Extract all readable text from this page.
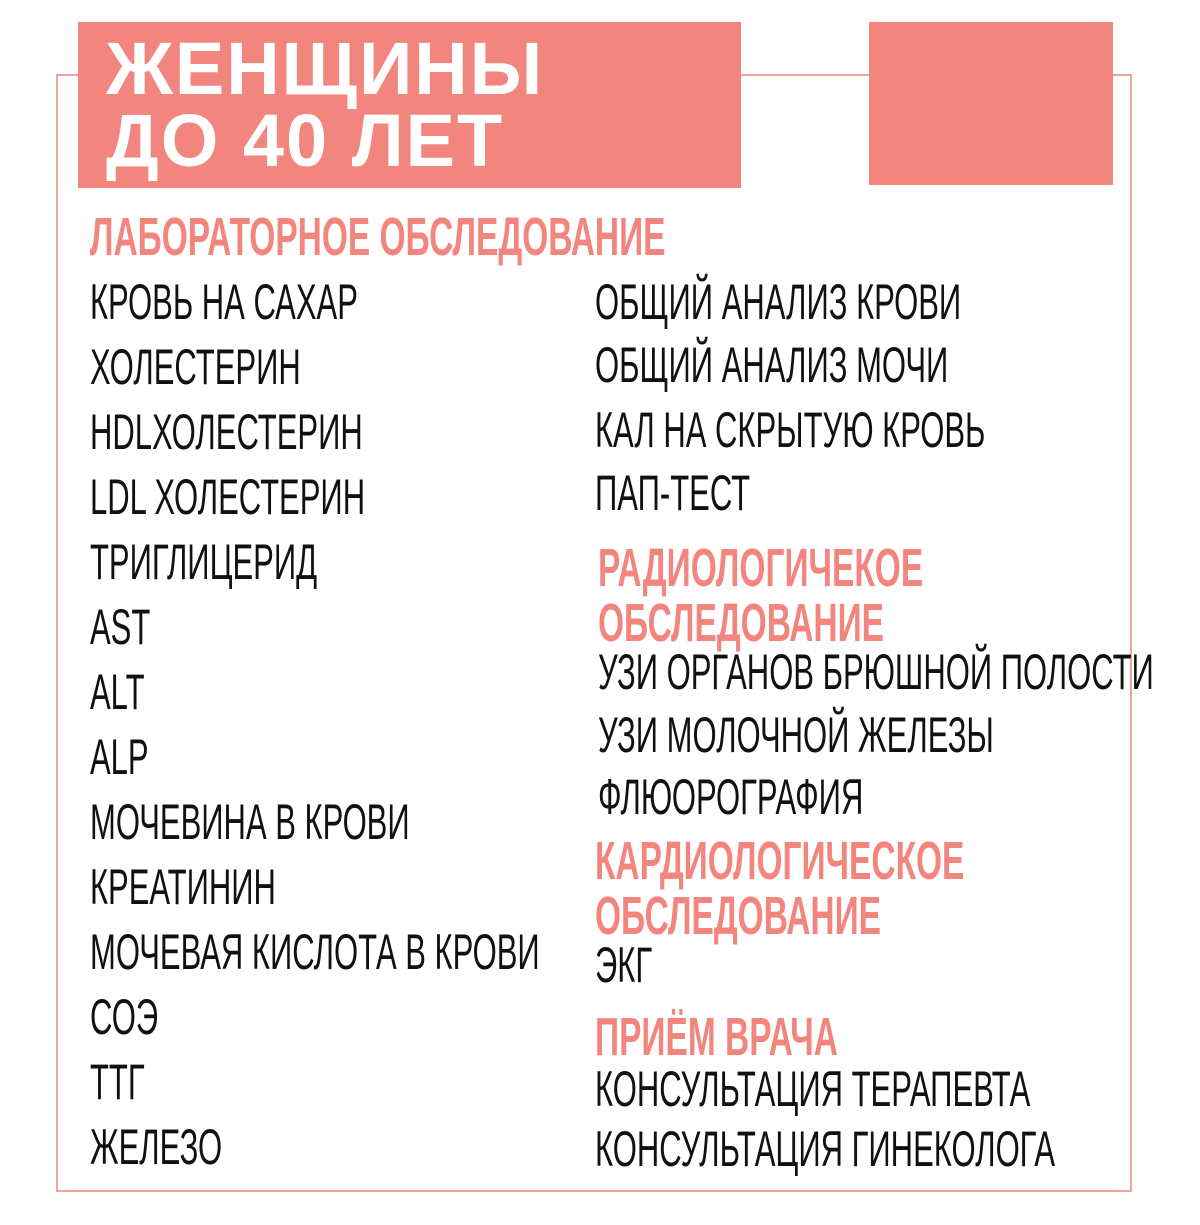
ЖЕНЩИНЫ
ДО 40 ЛЕТ
ЛАБОРАТОРНОЕ ОБСЛЕДОВАНИЕ
КРОВЬ НА САХАР
ХОЛЕСТЕРИН
HDLХОЛЕСТЕРИН
LDL ХОЛЕСТЕРИН
ТРИГЛИЦЕРИД
AST
ALT
ALP
МОЧЕВИНА В КРОВИ
КРЕАТИНИН
МОЧЕВАЯ КИСЛОТА В КРОВИ
СОЭ
ТТГ
ЖЕЛЕЗО
ОБЩИЙ АНАЛИЗ КРОВИ
ОБЩИЙ АНАЛИЗ МОЧИ
КАЛ НА СКРЫТУЮ КРОВЬ
ПАП-ТЕСТ
РАДИОЛОГИЧЕКОЕ
ОБСЛЕДОВАНИЕ
УЗИ ОРГАНОВ БРЮШНОЙ ПОЛОСТИ
УЗИ МОЛОЧНОЙ ЖЕЛЕЗЫ
ФЛЮОРОГРАФИЯ
КАРДИОЛОГИЧЕСКОЕ
ОБСЛЕДОВАНИЕ
ЭКГ
ПРИЁМ ВРАЧА
КОНСУЛЬТАЦИЯ ТЕРАПЕВТА
КОНСУЛЬТАЦИЯ ГИНЕКОЛОГА
